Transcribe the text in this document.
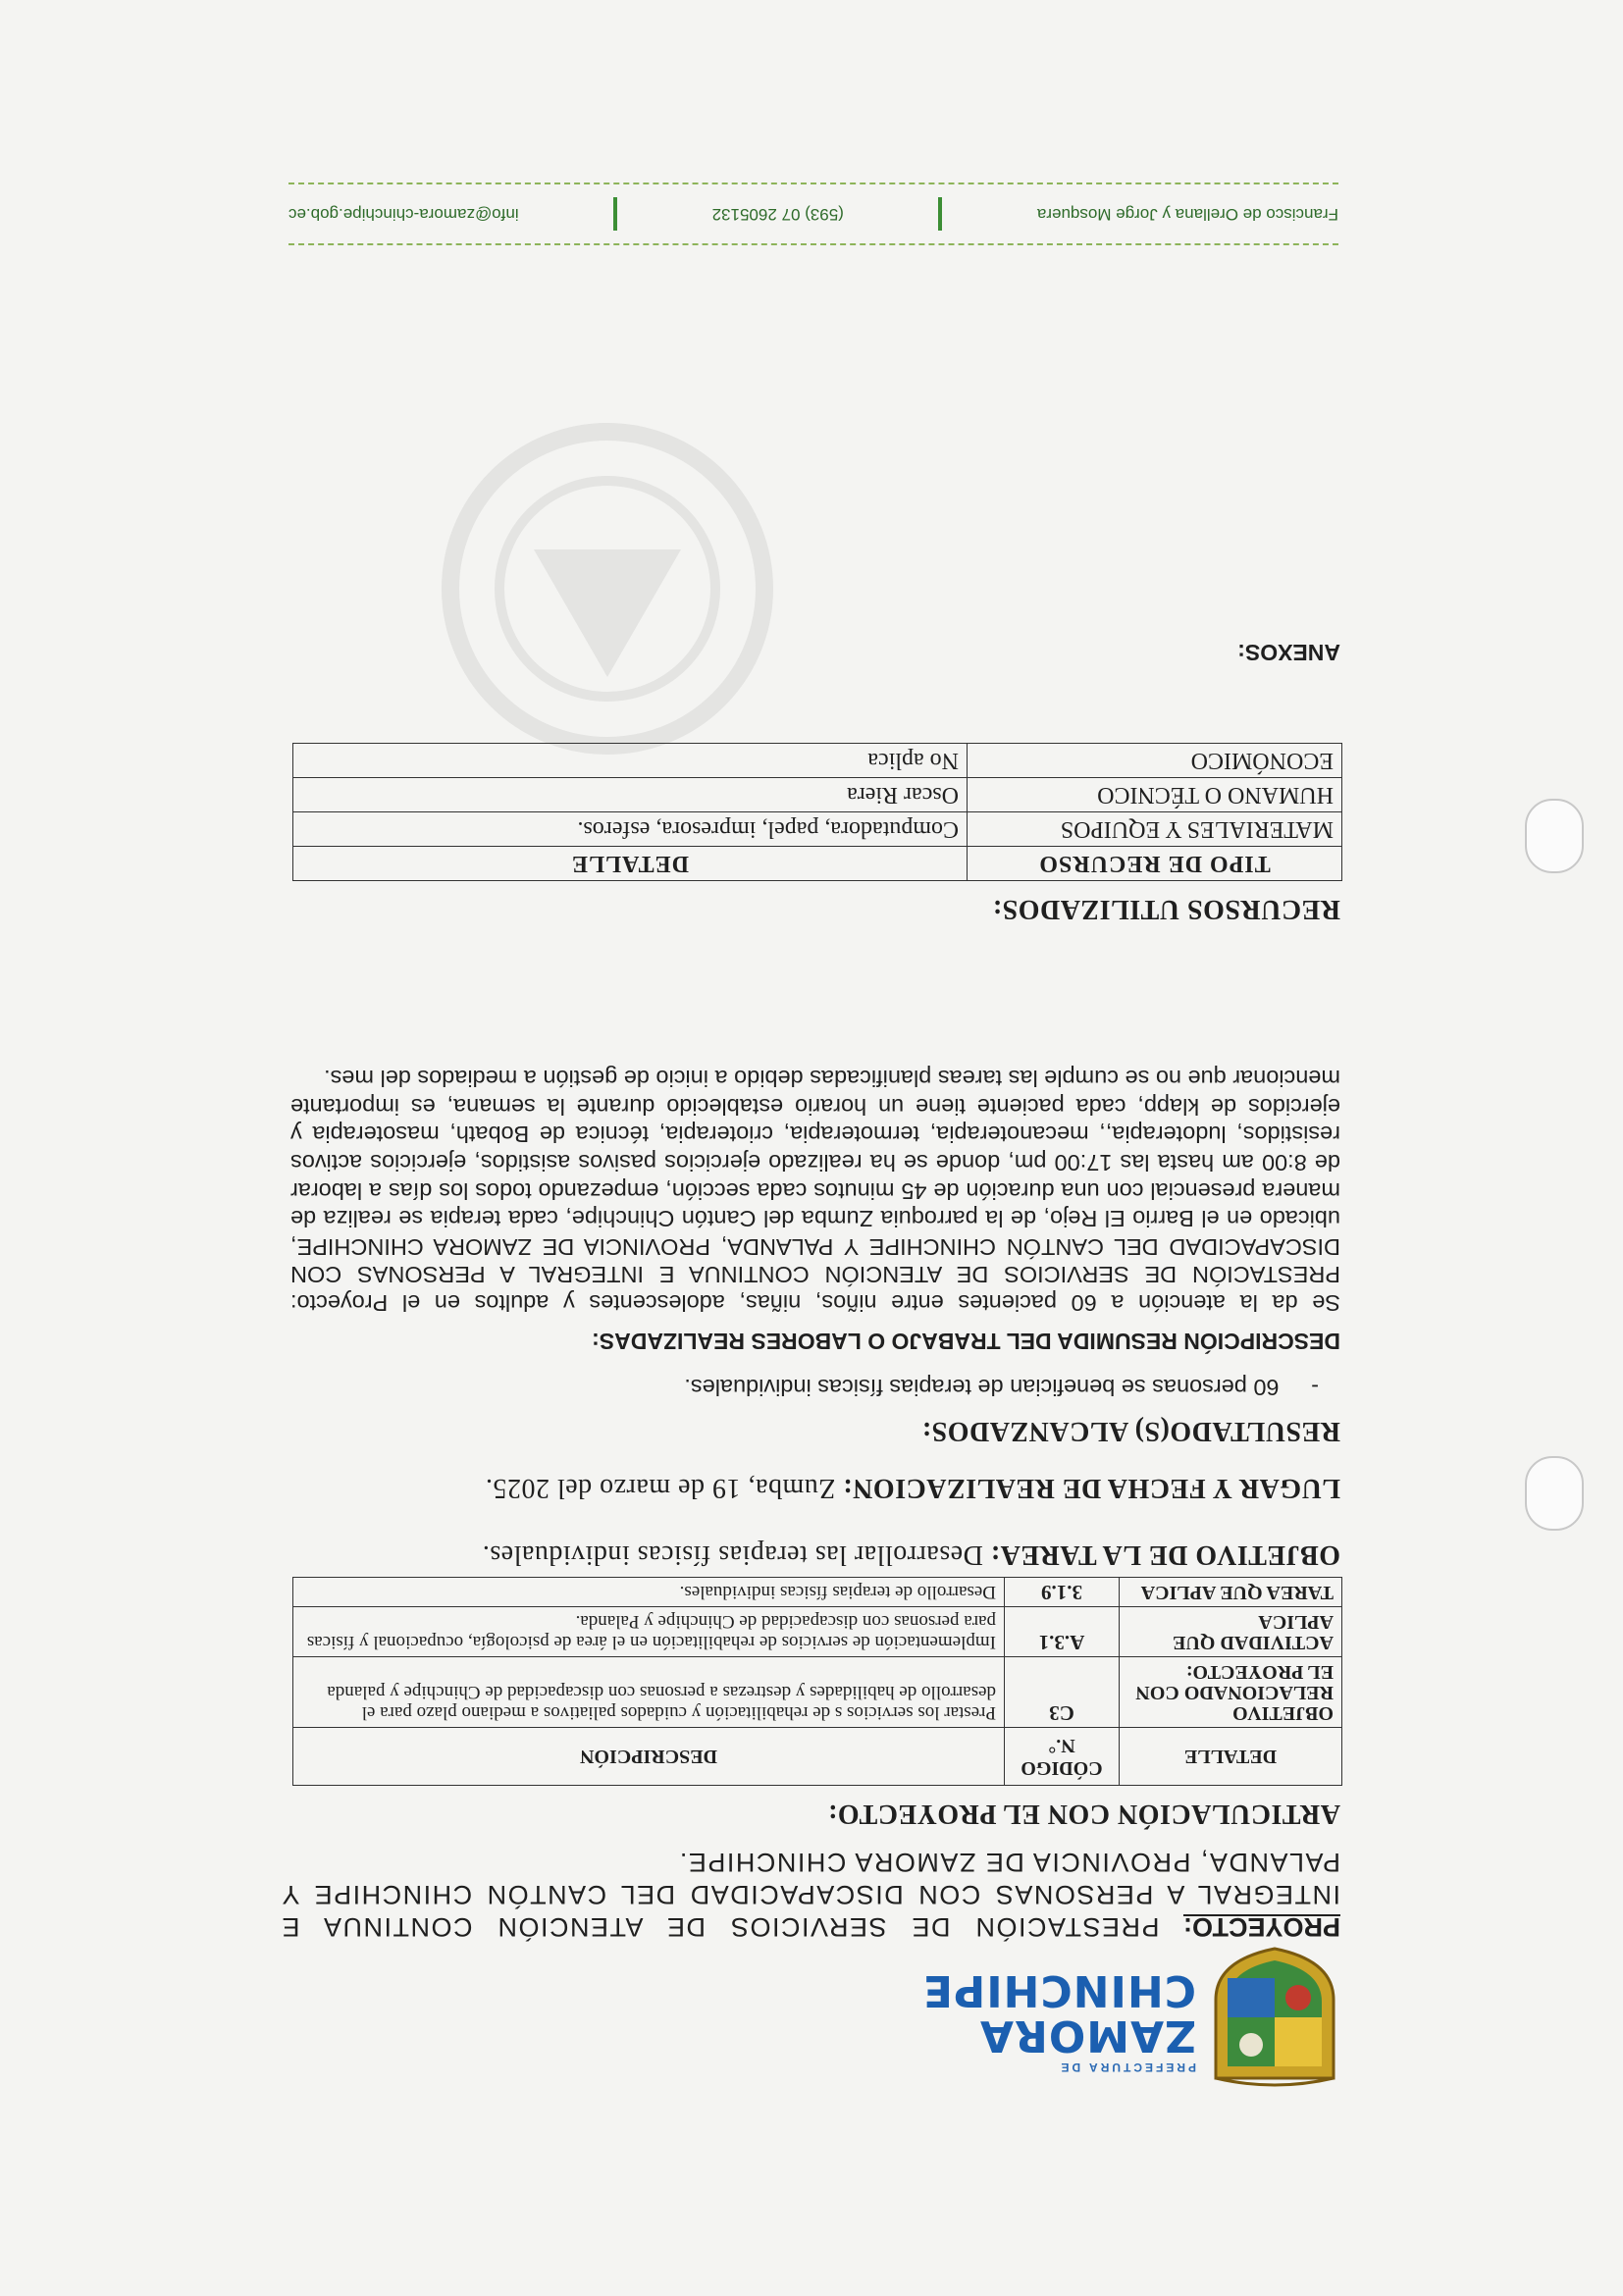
PREFECTURA DE
ZAMORA
CHINCHIPE
PROYECTO: PRESTACIÓN DE SERVICIOS DE ATENCIÓN CONTINUA E INTEGRAL A PERSONAS CON DISCAPACIDAD DEL CANTÓN CHINCHIPE Y PALANDA, PROVINCIA DE ZAMORA CHINCHIPE.
ARTICULACIÓN CON EL PROYECTO:
DETALLE	CÓDIGO N.°	DESCRIPCIÓN
OBJETIVO RELACIONADO CON EL PROYECTO:	C3	Prestar los servicios s de rehabilitación y cuidados paliativos a mediano plazo para el desarrollo de habilidades y destrezas a personas con discapacidad de Chinchipe y palanda
ACTIVIDAD QUE APLICA	A.3.1	Implementación de servicios de rehabilitación en el área de psicología, ocupacional y físicas para personas con discapacidad de Chinchipe y Palanda.
TAREA QUE APLICA	3.1.9	Desarrollo de terapias físicas individuales.
OBJETIVO DE LA TAREA: Desarrollar las terapias físicas individuales.
LUGAR Y FECHA DE REALIZACION: Zumba, 19 de marzo del 2025.
RESULTADO(S) ALCANZADOS:
-     60 personas se benefician de terapias físicas individuales.
DESCRIPCIÓN RESUMIDA DEL TRABAJO O LABORES REALIZADAS:
Se da la atención a 60 pacientes entre niños, niñas, adolescentes y adultos en el Proyecto: PRESTACIÓN DE SERVICIOS DE ATENCIÓN CONTINUA E INTEGRAL A PERSONAS CON DISCAPACIDAD DEL CANTÓN CHINCHIPE Y PALANDA, PROVINCIA DE ZAMORA CHINCHIPE, ubicado en el Barrio El Rejo, de la parroquia Zumba del Cantón Chinchipe, cada terapia se realiza de manera presencial con una duración de 45 minutos cada sección, empezando todos los días a laborar de 8:00 am hasta las 17:00 pm, donde se ha realizado ejercicios pasivos asistidos, ejercicios activos resistidos, ludoterapia,, mecanoterapia, termoterapia, crioterapia, técnica de Bobath, masoterapia y ejercidos de klapp, cada paciente tiene un horario establecido durante la semana, es importante mencionar que no se cumple las tareas planificadas debido a inicio de gestión a mediados del mes.
RECURSOS UTILIZADOS:
TIPO DE RECURSO	DETALLE
MATERIALES Y EQUIPOS	Computadora, papel, impresora, esferos.
HUMANO O TÉCNICO	Oscar Riera
ECONÓMICO	No aplica
ANEXOS:
Francisco de Orellana y Jorge Mosquera
(593) 07 2605132
info@zamora-chinchipe.gob.ec
